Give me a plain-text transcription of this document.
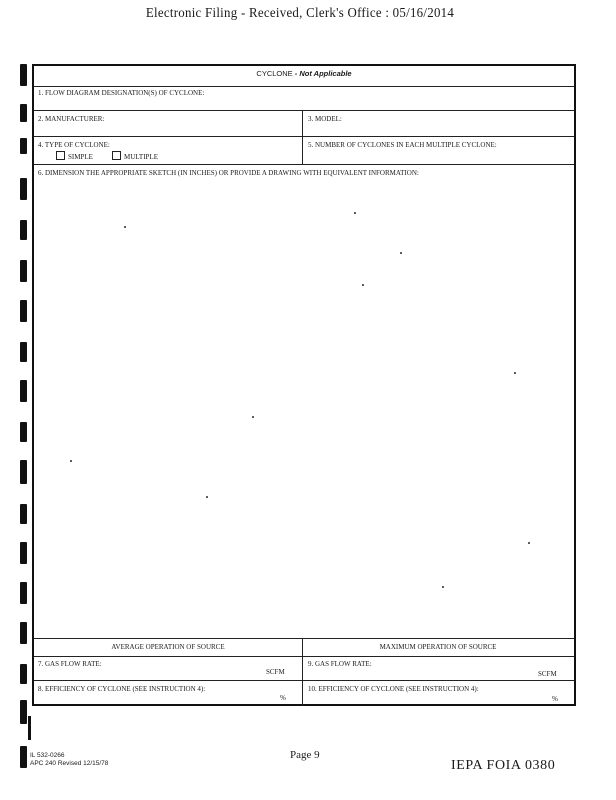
Electronic Filing - Received, Clerk's Office : 05/16/2014
CYCLONE - Not Applicable
1. FLOW DIAGRAM DESIGNATION(S) OF CYCLONE:
2. MANUFACTURER:	3. MODEL:
4. TYPE OF CYCLONE:
SIMPLE	MULTIPLE
5. NUMBER OF CYCLONES IN EACH MULTIPLE CYCLONE:
6. DIMENSION THE APPROPRIATE SKETCH (IN INCHES) OR PROVIDE A DRAWING WITH EQUIVALENT INFORMATION:
AVERAGE OPERATION OF SOURCE	MAXIMUM OPERATION OF SOURCE
7. GAS FLOW RATE:
SCFM
9. GAS FLOW RATE:
SCFM
8. EFFICIENCY OF CYCLONE (SEE INSTRUCTION 4):
%
10. EFFICIENCY OF CYCLONE (SEE INSTRUCTION 4):
%
IL 532-0266
APC 240 Revised 12/15/78
Page 9
IEPA FOIA 0380
